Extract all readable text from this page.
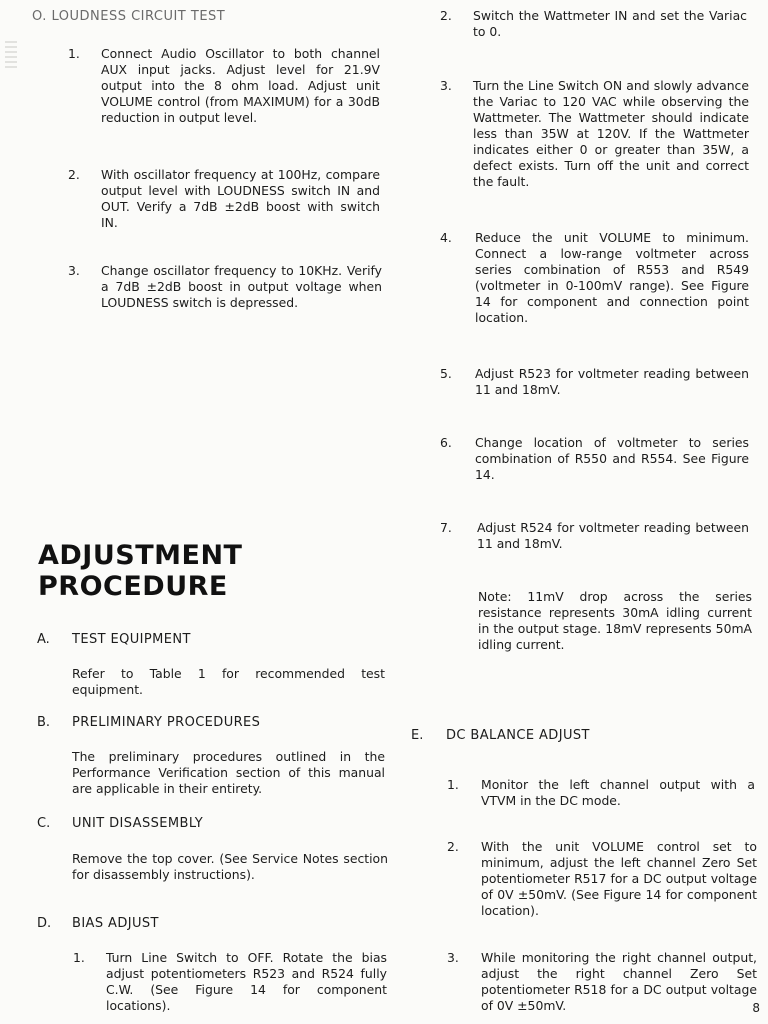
O. LOUDNESS CIRCUIT TEST
1. Connect Audio Oscillator to both channel AUX input jacks. Adjust level for 21.9V output into the 8 ohm load. Adjust unit VOLUME control (from MAXIMUM) for a 30dB reduction in output level.
2. With oscillator frequency at 100Hz, compare output level with LOUDNESS switch IN and OUT. Verify a 7dB ±2dB boost with switch IN.
3. Change oscillator frequency to 10KHz. Verify a 7dB ±2dB boost in output voltage when LOUDNESS switch is depressed.
ADJUSTMENT
PROCEDURE
A. TEST EQUIPMENT
Refer to Table 1 for recommended test equipment.
B. PRELIMINARY PROCEDURES
The preliminary procedures outlined in the Performance Verification section of this manual are applicable in their entirety.
C. UNIT DISASSEMBLY
Remove the top cover. (See Service Notes section for disassembly instructions).
D. BIAS ADJUST
1. Turn Line Switch to OFF. Rotate the bias adjust potentiometers R523 and R524 fully C.W. (See Figure 14 for component locations).
2. Switch the Wattmeter IN and set the Variac to 0.
3. Turn the Line Switch ON and slowly advance the Variac to 120 VAC while observing the Wattmeter. The Wattmeter should indicate less than 35W at 120V. If the Wattmeter indicates either 0 or greater than 35W, a defect exists. Turn off the unit and correct the fault.
4. Reduce the unit VOLUME to minimum. Connect a low-range voltmeter across series combination of R553 and R549 (voltmeter in 0-100mV range). See Figure 14 for component and connection point location.
5. Adjust R523 for voltmeter reading between 11 and 18mV.
6. Change location of voltmeter to series combination of R550 and R554. See Figure 14.
7. Adjust R524 for voltmeter reading between 11 and 18mV.
Note: 11mV drop across the series resistance represents 30mA idling current in the output stage. 18mV represents 50mA idling current.
E. DC BALANCE ADJUST
1. Monitor the left channel output with a VTVM in the DC mode.
2. With the unit VOLUME control set to minimum, adjust the left channel Zero Set potentiometer R517 for a DC output voltage of 0V ±50mV. (See Figure 14 for component location).
3. While monitoring the right channel output, adjust the right channel Zero Set potentiometer R518 for a DC output voltage of 0V ±50mV.	8
